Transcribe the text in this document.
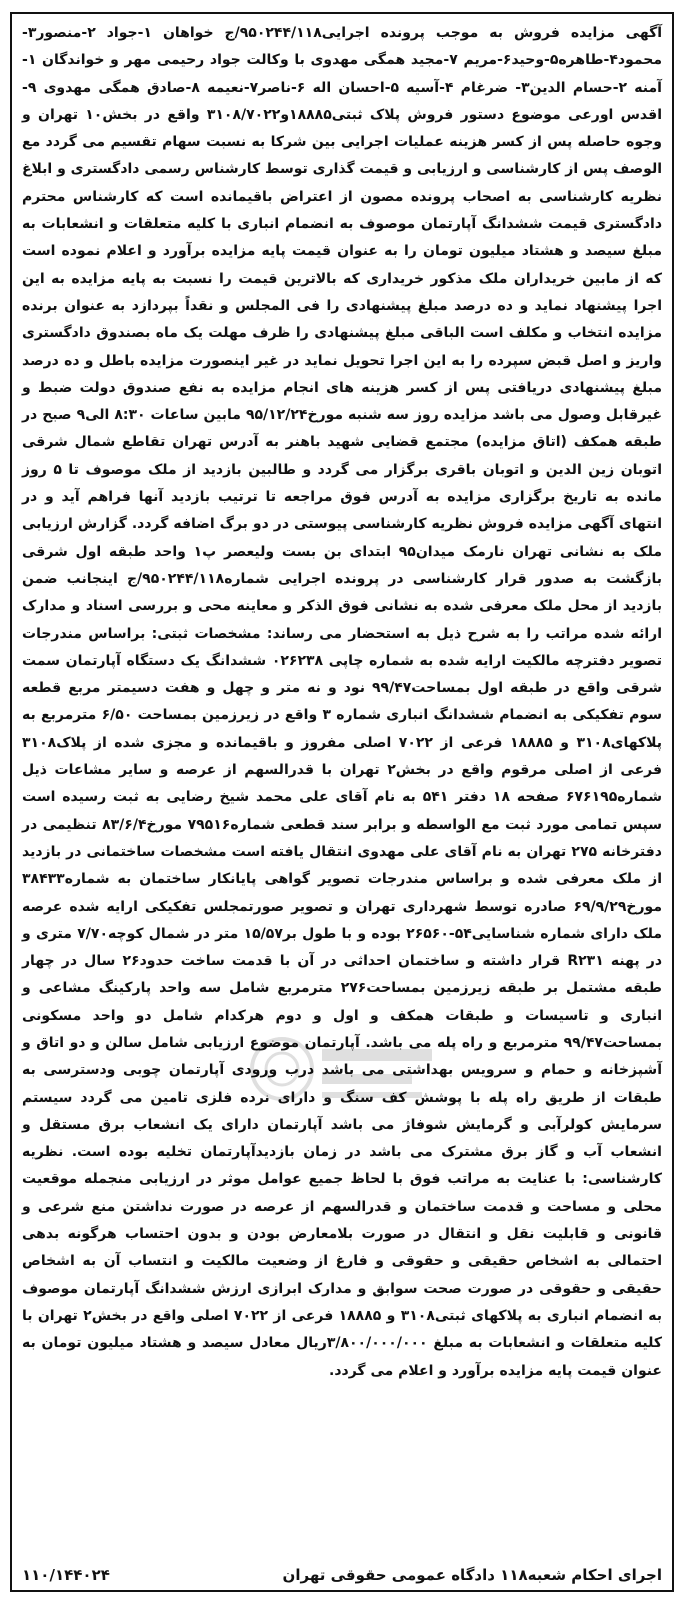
آگهی مزایده فروش به موجب پرونده اجرایی۹۵۰۲۴۴/۱۱۸/ج خواهان ۱-جواد ۲-منصور۳-محمود۴-طاهره۵-وحید۶-مریم ۷-مجید همگی مهدوی با وکالت جواد رحیمی مهر و خواندگان ۱-آمنه ۲-حسام الدین۳- ضرغام ۴-آسیه ۵-احسان اله ۶-ناصر۷-نعیمه ۸-صادق همگی مهدوی ۹-اقدس اورعی موضوع دستور فروش پلاک ثبتی۱۸۸۸۵و۳۱۰۸/۷۰۲۲ واقع در بخش۱۰ تهران و وجوه حاصله پس از کسر هزینه عملیات اجرایی بین شرکا به نسبت سهام تقسیم می گردد مع الوصف پس از کارشناسی و ارزیابی و قیمت گذاری توسط کارشناس رسمی دادگستری و ابلاغ نظریه کارشناسی به اصحاب پرونده مصون از اعتراض باقیمانده است که کارشناس محترم دادگستری قیمت ششدانگ آپارتمان موصوف به انضمام انباری با کلیه متعلقات و انشعابات به مبلغ سیصد و هشتاد میلیون تومان را به عنوان قیمت پایه مزایده برآورد و اعلام نموده است که از مابین خریداران ملک مذکور خریداری که بالاترین قیمت را نسبت به پایه مزایده به این اجرا پیشنهاد نماید و ده درصد مبلغ پیشنهادی را فی المجلس و نقداً بپردازد به عنوان برنده مزایده انتخاب و مکلف است الباقی مبلغ پیشنهادی را ظرف مهلت یک ماه بصندوق دادگستری واریز و اصل قبض سپرده را به این اجرا تحویل نماید در غیر اینصورت مزایده باطل و ده درصد مبلغ پیشنهادی دریافتی پس از کسر هزینه های انجام مزایده به نفع صندوق دولت ضبط و غیرقابل وصول می باشد مزایده روز سه شنبه مورخ۹۵/۱۲/۲۴ مابین ساعات ۸:۳۰ الی۹ صبح در طبقه همکف (اتاق مزایده) مجتمع قضایی شهید باهنر به آدرس تهران تقاطع شمال شرقی اتوبان زین الدین و اتوبان باقری برگزار می گردد و طالبین بازدید از ملک موصوف تا ۵ روز مانده به تاریخ برگزاری مزایده به آدرس فوق مراجعه تا ترتیب بازدید آنها فراهم آید و در انتهای آگهی مزایده فروش نظریه کارشناسی پیوستی در دو برگ اضافه گردد. گزارش ارزیابی ملک به نشانی تهران نارمک میدان۹۵ ابتدای بن بست ولیعصر پ۱ واحد طبقه اول شرقی بازگشت به صدور قرار کارشناسی در پرونده اجرایی شماره۹۵۰۲۴۴/۱۱۸/ج اینجانب ضمن بازدید از محل ملک معرفی شده به نشانی فوق الذکر و معاینه محی و بررسی اسناد و مدارک ارائه شده مراتب را به شرح ذیل به استحضار می رساند: مشخصات ثبتی: براساس مندرجات تصویر دفترچه مالکیت ارایه شده به شماره چاپی ۰۲۶۲۳۸ ششدانگ یک دستگاه آپارتمان سمت شرقی واقع در طبقه اول بمساحت۹۹/۴۷ نود و نه متر و چهل و هفت دسیمتر مربع قطعه سوم تفکیکی به انضمام ششدانگ انباری شماره ۳ واقع در زیرزمین بمساحت ۶/۵۰ مترمربع به پلاکهای۳۱۰۸ و ۱۸۸۸۵ فرعی از ۷۰۲۲ اصلی مفروز و باقیمانده و مجزی شده از پلاک۳۱۰۸ فرعی از اصلی مرقوم واقع در بخش۲ تهران با قدرالسهم از عرصه و سایر مشاعات ذیل شماره۶۷۶۱۹۵ صفحه ۱۸ دفتر ۵۴۱ به نام آقای علی محمد شیخ رضایی به ثبت رسیده است سپس تمامی مورد ثبت مع الواسطه و برابر سند قطعی شماره۷۹۵۱۶ مورخ۸۳/۶/۴ تنظیمی در دفترخانه ۲۷۵ تهران به نام آقای علی مهدوی انتقال یافته است مشخصات ساختمانی در بازدید از ملک معرفی شده و براساس مندرجات تصویر گواهی پایانکار ساختمان به شماره۳۸۴۳۳ مورخ۶۹/۹/۲۹ صادره توسط شهرداری تهران و تصویر صورتمجلس تفکیکی ارایه شده عرصه ملک دارای شماره شناسایی۵۴-۲۶۵۶۰ بوده و با طول بر۱۵/۵۷ متر در شمال کوچه۷/۷۰ متری و در پهنه R۲۳۱ قرار داشته و ساختمان احداثی در آن با قدمت ساخت حدود۲۶ سال در چهار طبقه مشتمل بر طبقه زیرزمین بمساحت۲۷۶ مترمربع شامل سه واحد پارکینگ مشاعی و انباری و تاسیسات و طبقات همکف و اول و دوم هرکدام شامل دو واحد مسکونی بمساحت۹۹/۴۷ مترمربع و راه پله می باشد. آپارتمان موضوع ارزیابی شامل سالن و دو اتاق و آشپزخانه و حمام و سرویس بهداشتی می باشد درب ورودی آپارتمان چوبی ودسترسی به طبقات از طریق راه پله با پوشش کف سنگ و دارای نرده فلزی تامین می گردد سیستم سرمایش کولرآبی و گرمایش شوفاژ می باشد آپارتمان دارای یک انشعاب برق مستقل و انشعاب آب و گاز برق مشترک می باشد در زمان بازدیدآپارتمان تخلیه بوده است. نظریه کارشناسی: با عنایت به مراتب فوق با لحاظ جمیع عوامل موثر در ارزیابی منجمله موقعیت محلی و مساحت و قدمت ساختمان و قدرالسهم از عرصه در صورت نداشتن منع شرعی و قانونی و قابلیت نقل و انتقال در صورت بلامعارض بودن و بدون احتساب هرگونه بدهی احتمالی به اشخاص حقیقی و حقوقی و فارغ از وضعیت مالکیت و انتساب آن به اشخاص حقیقی و حقوقی در صورت صحت سوابق و مدارک ابرازی ارزش ششدانگ آپارتمان موصوف به انضمام انباری به پلاکهای ثبتی۳۱۰۸ و ۱۸۸۸۵ فرعی از ۷۰۲۲ اصلی واقع در بخش۲ تهران با کلیه متعلقات و انشعابات به مبلغ ۳/۸۰۰/۰۰۰/۰۰۰ریال معادل سیصد و هشتاد میلیون تومان به عنوان قیمت پایه مزایده برآورد و اعلام می گردد.

اجرای احکام شعبه۱۱۸ دادگاه عمومی حقوقی تهران
۱۱۰/۱۴۴۰۲۴
